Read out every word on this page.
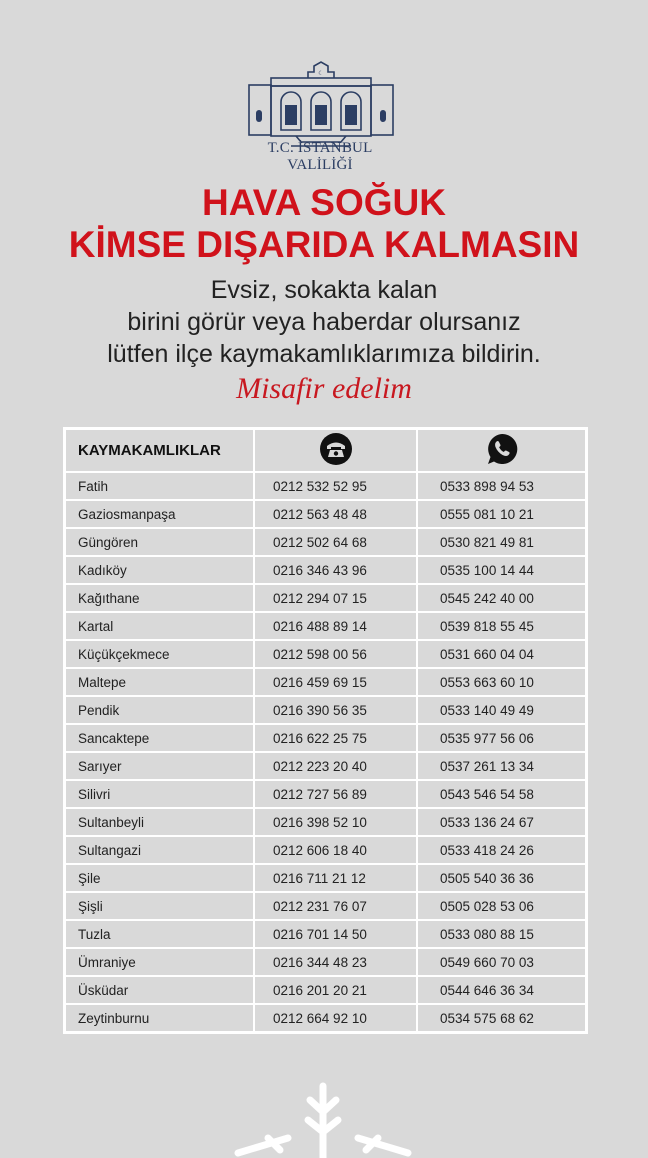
☾
T.C. İSTANBUL VALİLİĞİ
HAVA SOĞUK
KİMSE DIŞARIDA KALMASIN
Evsiz, sokakta kalan
birini görür veya haberdar olursanız
lütfen ilçe kaymakamlıklarımıza bildirin.
Misafir edelim
KAYMAKAMLIKLAR		
Fatih	0212 532 52 95	0533 898 94 53
Gaziosmanpaşa	0212 563 48 48	0555 081 10 21
Güngören	0212 502 64 68	0530 821 49 81
Kadıköy	0216 346 43 96	0535 100 14 44
Kağıthane	0212 294 07 15	0545 242 40 00
Kartal	0216 488 89 14	0539 818 55 45
Küçükçekmece	0212 598 00 56	0531 660 04 04
Maltepe	0216 459 69 15	0553 663 60 10
Pendik	0216 390 56 35	0533 140 49 49
Sancaktepe	0216 622 25 75	0535 977 56 06
Sarıyer	0212 223 20 40	0537 261 13 34
Silivri	0212 727 56 89	0543 546 54 58
Sultanbeyli	0216 398 52 10	0533 136 24 67
Sultangazi	0212 606 18 40	0533 418 24 26
Şile	0216 711 21 12	0505 540 36 36
Şişli	0212 231 76 07	0505 028 53 06
Tuzla	0216 701 14 50	0533 080 88 15
Ümraniye	0216 344 48 23	0549 660 70 03
Üsküdar	0216 201 20 21	0544 646 36 34
Zeytinburnu	0212 664 92 10	0534 575 68 62
